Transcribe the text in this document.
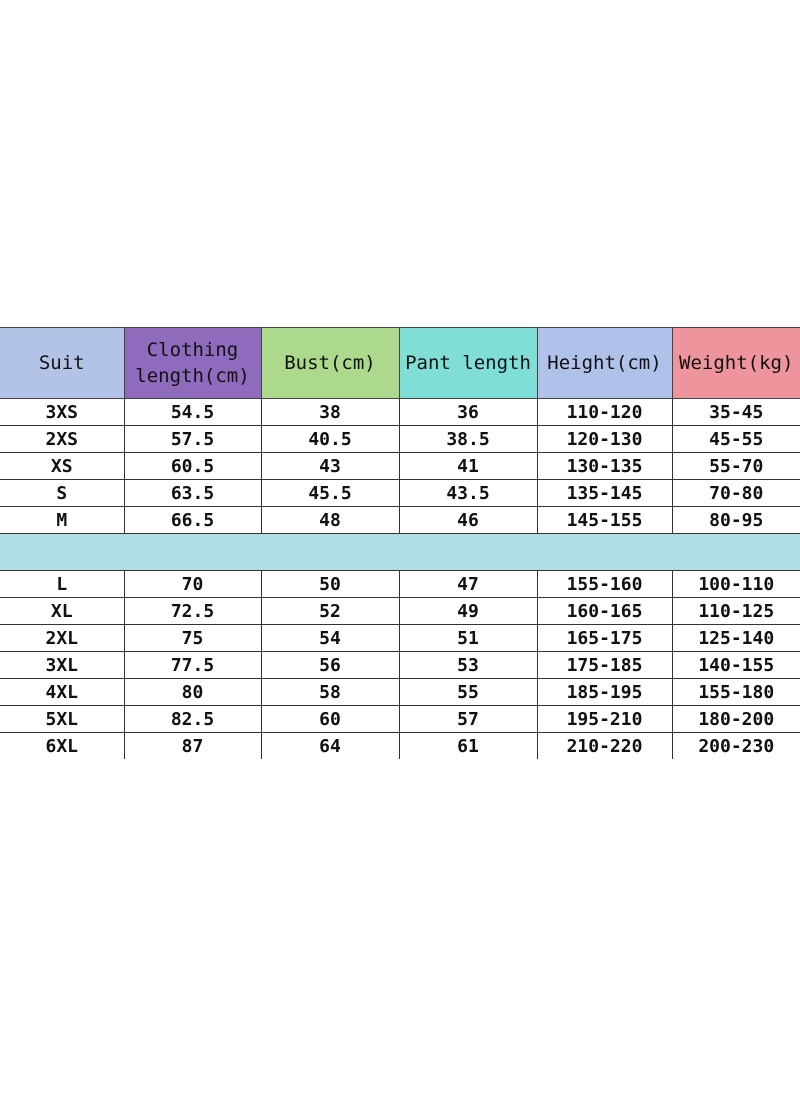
Suit	Clothing length(cm)	Bust(cm)	Pant length	Height(cm)	Weight(kg)
3XS	54.5	38	36	110-120	35-45
2XS	57.5	40.5	38.5	120-130	45-55
XS	60.5	43	41	130-135	55-70
S	63.5	45.5	43.5	135-145	70-80
M	66.5	48	46	145-155	80-95

L	70	50	47	155-160	100-110
XL	72.5	52	49	160-165	110-125
2XL	75	54	51	165-175	125-140
3XL	77.5	56	53	175-185	140-155
4XL	80	58	55	185-195	155-180
5XL	82.5	60	57	195-210	180-200
6XL	87	64	61	210-220	200-230
